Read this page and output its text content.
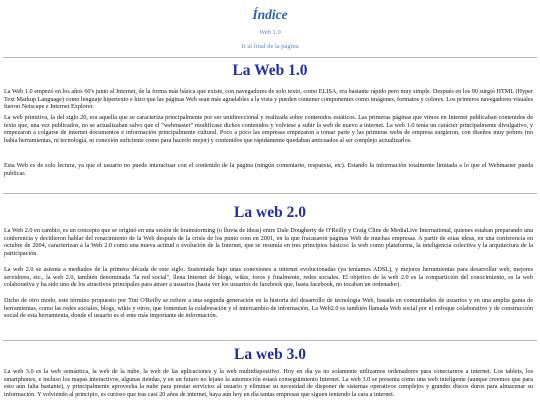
Índice
Web 1.0
Ir al final de la página
La Web 1.0

La Web 1.0 empezó en los años 60's junto al Internet, de la forma más básica que existe, con navegadores de solo texto, como ELISA, era bastante rápido pero muy simple. Después en los 90 surgió HTML (Hyper Text Markup Language) como lenguaje hipertexto e hizo que las páginas Web sean más agradables a la vista y pueden contener componentes como imágenes, formatos y colores. Los primeros navegadores visuales fueron Netscape e Internet Explorer.

La web primitiva, la del siglo 20, era aquella que se caracteriza principalmente por ser unidireccional y realizada sobre contenidos estáticos. Las primeras páginas que vimos en Internet publicaban contenidos de texto que, una vez publicados, no se actualizaban salvo que el "webmaster" modificase dichos contenidos y volviese a subir la web de nuevo a internet. La web 1.0 tenía un carácter principalmente divulgativo, y empezaron a colgarse de internet documentos e información principalmente cultural. Poco a poco las empresas empezaron a tomar parte y las primeras webs de empresa surgieron, con diseños muy pobres (no había herramientas, ni tecnología, ni conexión suficiente como para hacerlo mejor) y contenidos que rápidamente quedaban anticuados al ser complejo actualizarlos.

Esta Web es de solo lectura, ya que el usuario no puede interactuar con el contenido de la página (ningún comentario, respuesta, etc). Estando la información totalmente limitada a lo que el Webmaster pueda publicar.

La web 2.0

La Web 2.0 en cambio, es un concepto que se originó en una sesión de brainstorming (o lluvia de ideas) entre Dale Dougherty de O'Reilly y Craig Cline de MediaLive International, quienes estaban preparando una conferencia y decidieron hablar del renacimiento de la Web después de la crisis de los punto com en 2001, en la que fracasaron páginas Web de muchas empresas. A partir de estas ideas, en una conferencia en octubre de 2004, caracterizan a la Web 2.0 como una nueva actitud o evolución de la Internet, que se resumía en tres principios básicos: la web como plataforma, la inteligencia colectiva y la arquitectura de la participación.

La web 2.0 se asienta a mediados de la primera década de este siglo. Sustentada bajo unas conexiones a internet evolucionadas (ya teníamos ADSL), y mejores herramientas para desarrollar web, mejores servidores, etc., la web 2.0, también denominada "la red social", llena Internet de blogs, wikis, foros y finalmente, redes sociales. El objetivo de la web 2.0 es la compartición del conocimiento, es la web colaborativa y ha sido uno de los atractivos principales para atraer a usuarios (hasta ver los usuarios de facebook que, hasta facebook, no tocaban un ordenador).

Dicho de otro modo, este término propuesto por Tim O'Reilly se refiere a una segunda generación en la historia del desarrollo de tecnología Web, basada en comunidades de usuarios y en una amplia gama de herramientas, como las redes sociales, blogs, wikis y otros, que fomentan la colaboración y el intercambio de información. La Web2.0 es también llamada Web social por el enfoque colaborativo y de construcción social de esta herramienta, donde el usuario es el ente más importante de información.

La web 3.0

La web 3.0 es la web semántica, la web de la nube, la web de las aplicaciones y la web multidispositivo. Hoy en día ya no solamente utilizamos ordenadores para conectarnos a internet. Los tablets, los smartphones, e incluso los mapas interactivos, algunas tiendas, y en un futuro no lejano la automoción estará conseguimiento Internet. La web 3.0 se presenta como una web inteligente (aunque creemos que para esto aún falta bastante), y principalmente aprovecha la nube para prestar servicios al usuario y eliminar su necesidad de disponer de sistemas operativos complejos y grandes discos duros para almacenar su información. Y volviendo al principio, es curioso que tras casi 20 años de internet, haya aún hoy en día tantas empresas que siguen teniendo la cara a internet.
